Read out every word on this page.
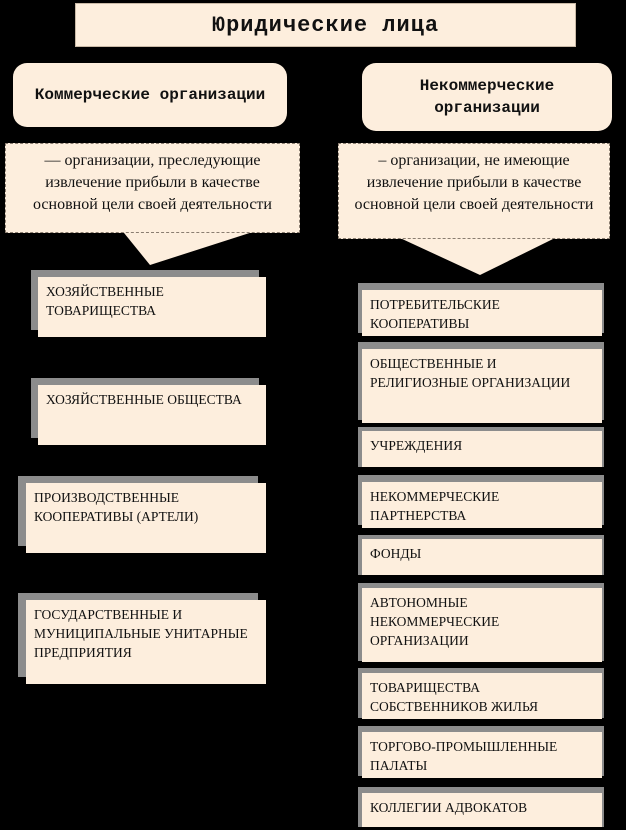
Юридические лица
Коммерческие организации	Некоммерческие организации
— организации, преследующие извлечение прибыли в качестве основной цели своей деятельности
– организации, не имеющие извлечение прибыли в качестве основной цели своей деятельности
ХОЗЯЙСТВЕННЫЕ ТОВАРИЩЕСТВА
ХОЗЯЙСТВЕННЫЕ ОБЩЕСТВА
ПРОИЗВОДСТВЕННЫЕ КООПЕРАТИВЫ (АРТЕЛИ)
ГОСУДАРСТВЕННЫЕ И МУНИЦИПАЛЬНЫЕ УНИТАРНЫЕ ПРЕДПРИЯТИЯ
ПОТРЕБИТЕЛЬСКИЕ КООПЕРАТИВЫ
ОБЩЕСТВЕННЫЕ И РЕЛИГИОЗНЫЕ ОРГАНИЗАЦИИ
УЧРЕЖДЕНИЯ
НЕКОММЕРЧЕСКИЕ ПАРТНЕРСТВА
ФОНДЫ
АВТОНОМНЫЕ НЕКОММЕРЧЕСКИЕ ОРГАНИЗАЦИИ
ТОВАРИЩЕСТВА СОБСТВЕННИКОВ ЖИЛЬЯ
ТОРГОВО-ПРОМЫШЛЕННЫЕ ПАЛАТЫ
КОЛЛЕГИИ АДВОКАТОВ
